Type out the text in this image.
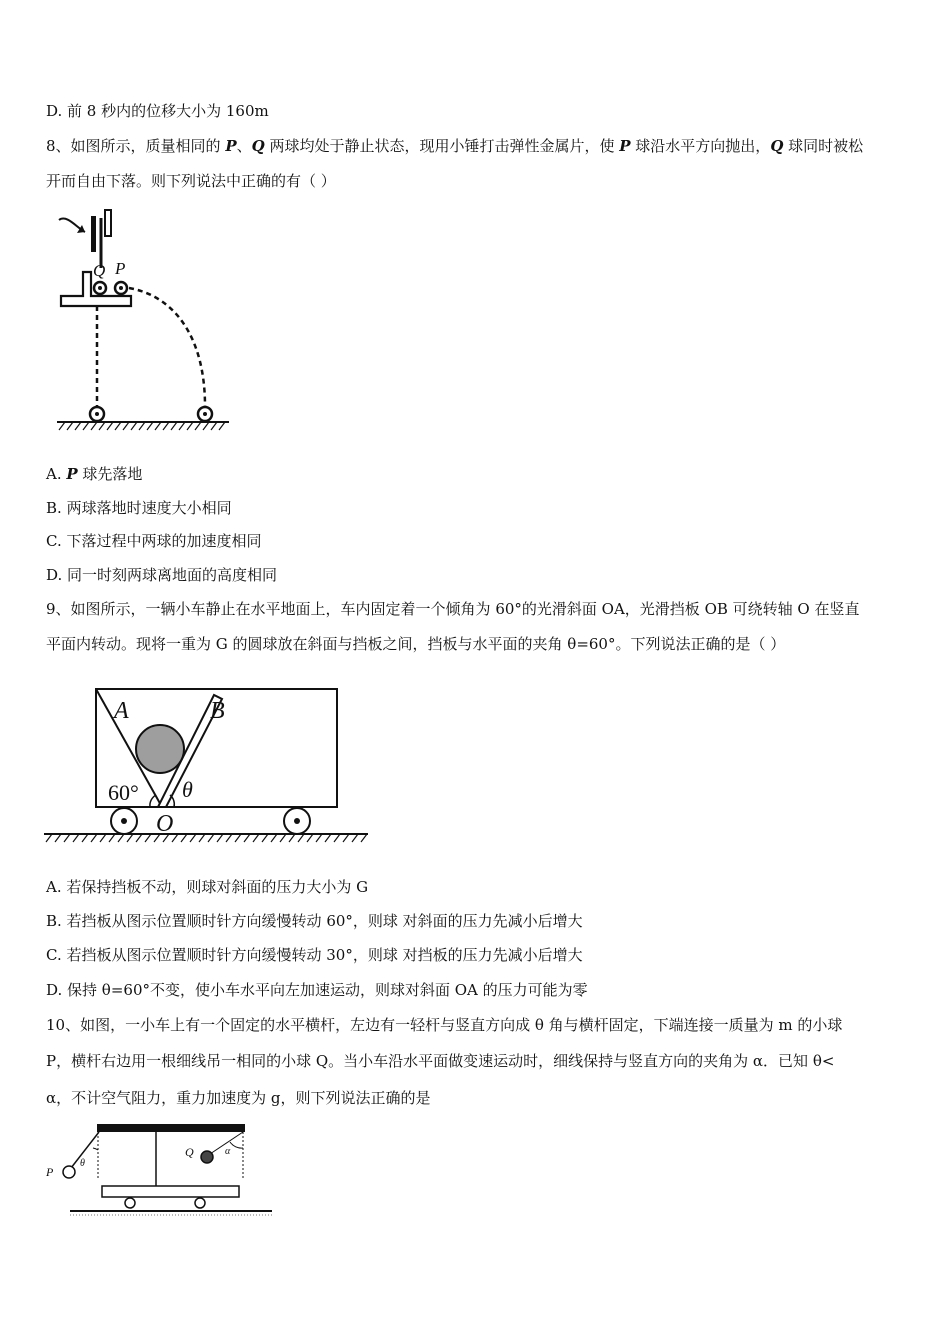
D. 前 8 秒内的位移大小为 160m
8、如图所示，质量相同的 P、Q 两球均处于静止状态，现用小锤打击弹性金属片，使 P 球沿水平方向抛出，Q 球同时被松
开而自由下落。则下列说法中正确的有（ ）
Q P
A. P 球先落地
B. 两球落地时速度大小相同
C. 下落过程中两球的加速度相同
D. 同一时刻两球离地面的高度相同
9、如图所示，一辆小车静止在水平地面上，车内固定着一个倾角为 60°的光滑斜面 OA，光滑挡板 OB 可绕转轴 O 在竖直
平面内转动。现将一重为 G 的圆球放在斜面与挡板之间，挡板与水平面的夹角 θ=60°。下列说法正确的是（ ）
A	B
60° θ
O
A. 若保持挡板不动，则球对斜面的压力大小为 G
B. 若挡板从图示位置顺时针方向缓慢转动 60°，则球 对斜面的压力先减小后增大
C. 若挡板从图示位置顺时针方向缓慢转动 30°，则球 对挡板的压力先减小后增大
D. 保持 θ=60°不变，使小车水平向左加速运动，则球对斜面 OA 的压力可能为零
10、如图，一小车上有一个固定的水平横杆，左边有一轻杆与竖直方向成 θ 角与横杆固定，下端连接一质量为 m 的小球
P，横杆右边用一根细线吊一相同的小球 Q。当小车沿水平面做变速运动时，细线保持与竖直方向的夹角为 α．已知 θ<
α，不计空气阻力，重力加速度为 g，则下列说法正确的是
P
Q
θ
α
